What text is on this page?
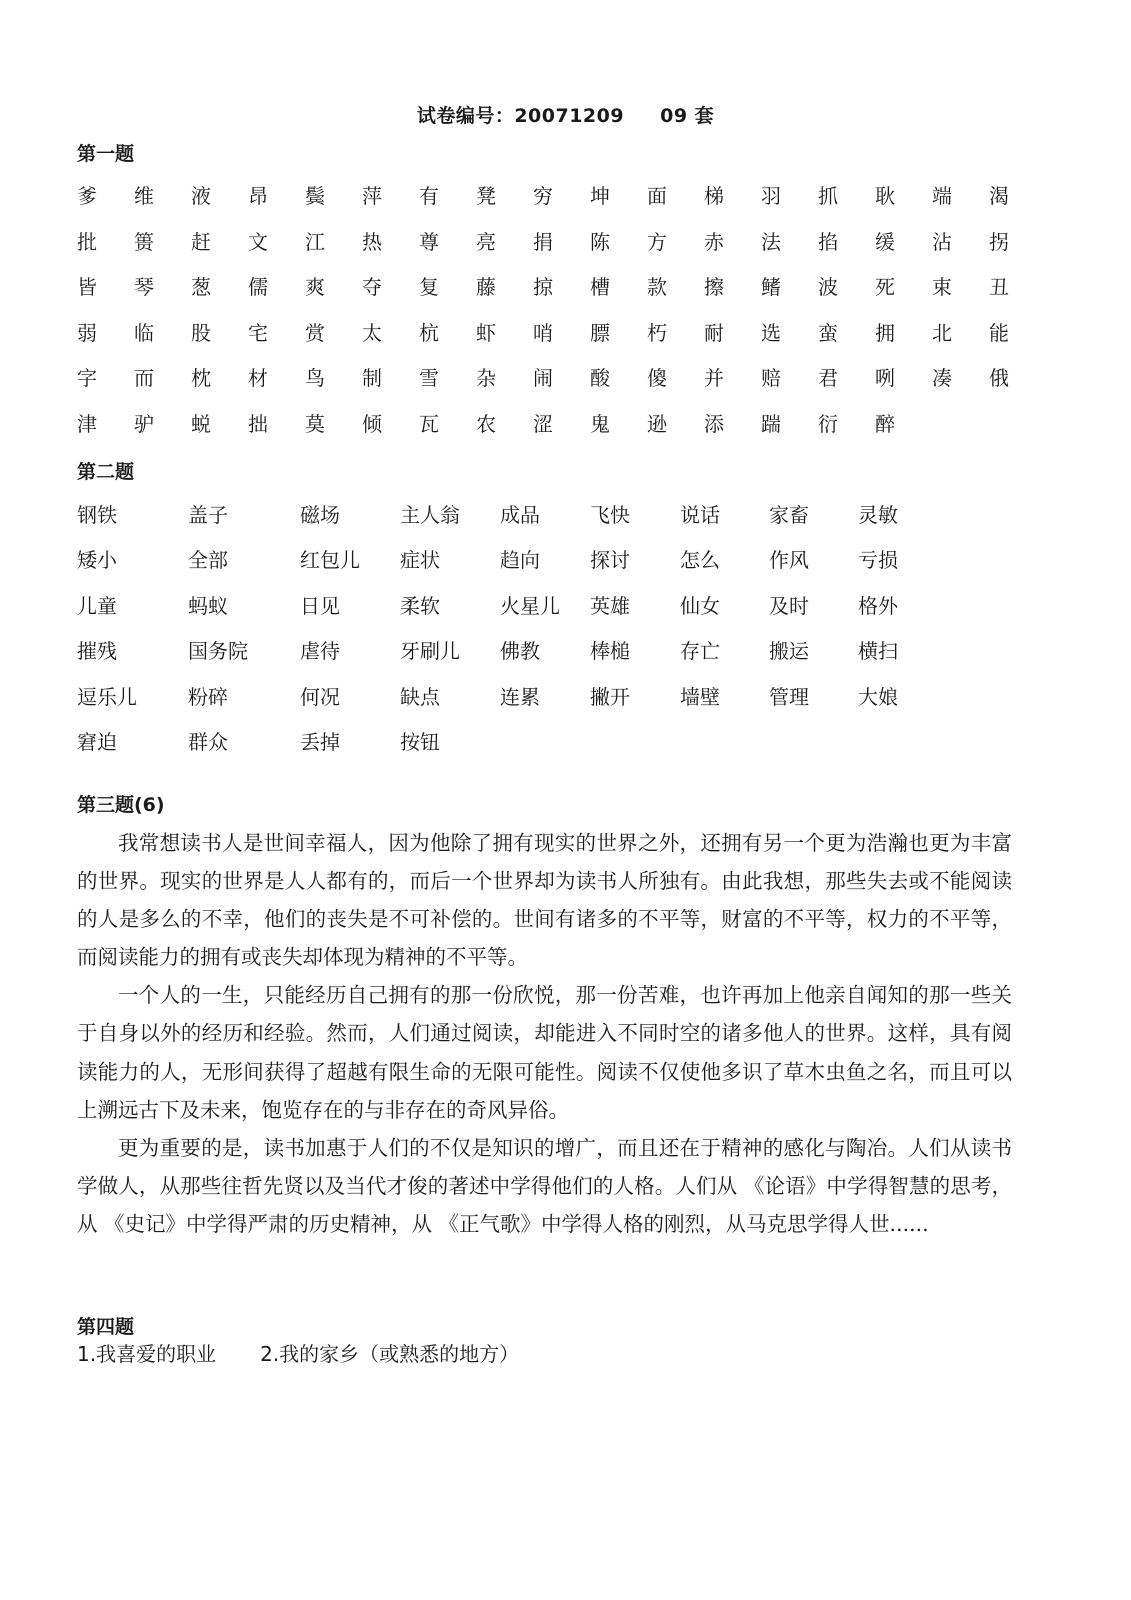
试卷编号：20071209 09 套
第一题
爹	维	液	昂	鬓	萍	有	凳	穷	坤	面	梯	羽	抓	耿	端	渴
批	篑	赶	文	江	热	尊	亮	捐	陈	方	赤	法	掐	缓	沾	拐
皆	琴	葱	儒	爽	夺	复	藤	掠	槽	款	擦	鳍	波	死	束	丑
弱	临	股	宅	赏	太	杭	虾	哨	膘	朽	耐	选	蛮	拥	北	能
字	而	枕	材	鸟	制	雪	杂	闹	酸	傻	并	赔	君	咧	凑	俄
津	驴	蜕	拙	莫	倾	瓦	农	涩	鬼	逊	添	踹	衍	醉
第二题
钢铁	盖子	磁场	主人翁 成品	飞快	说话 家畜 灵敏
矮小	全部	红包儿 症状	趋向	探讨	怎么 作风 亏损
儿童	蚂蚁	日见	柔软	火星儿 英雄	仙女 及时 格外
摧残	国务院	虐待	牙刷儿 佛教	棒槌	存亡 搬运 横扫
逗乐儿	粉碎	何况	缺点	连累	撇开	墙壁 管理 大娘
窘迫	群众	丢掉	按钮
第三题(6)

我常想读书人是世间幸福人，因为他除了拥有现实的世界之外，还拥有另一个更为浩瀚也更为丰富的世界。现实的世界是人人都有的，而后一个世界却为读书人所独有。由此我想，那些失去或不能阅读的人是多么的不幸，他们的丧失是不可补偿的。世间有诸多的不平等，财富的不平等，权力的不平等，而阅读能力的拥有或丧失却体现为精神的不平等。

一个人的一生，只能经历自己拥有的那一份欣悦，那一份苦难，也许再加上他亲自闻知的那一些关于自身以外的经历和经验。然而，人们通过阅读，却能进入不同时空的诸多他人的世界。这样，具有阅读能力的人，无形间获得了超越有限生命的无限可能性。阅读不仅使他多识了草木虫鱼之名，而且可以上溯远古下及未来，饱览存在的与非存在的奇风异俗。

更为重要的是，读书加惠于人们的不仅是知识的增广，而且还在于精神的感化与陶冶。人们从读书学做人，从那些往哲先贤以及当代才俊的著述中学得他们的人格。人们从 《论语》中学得智慧的思考，从 《史记》中学得严肃的历史精神，从 《正气歌》中学得人格的刚烈，从马克思学得人世......

第四题
1.我喜爱的职业 2.我的家乡（或熟悉的地方）
